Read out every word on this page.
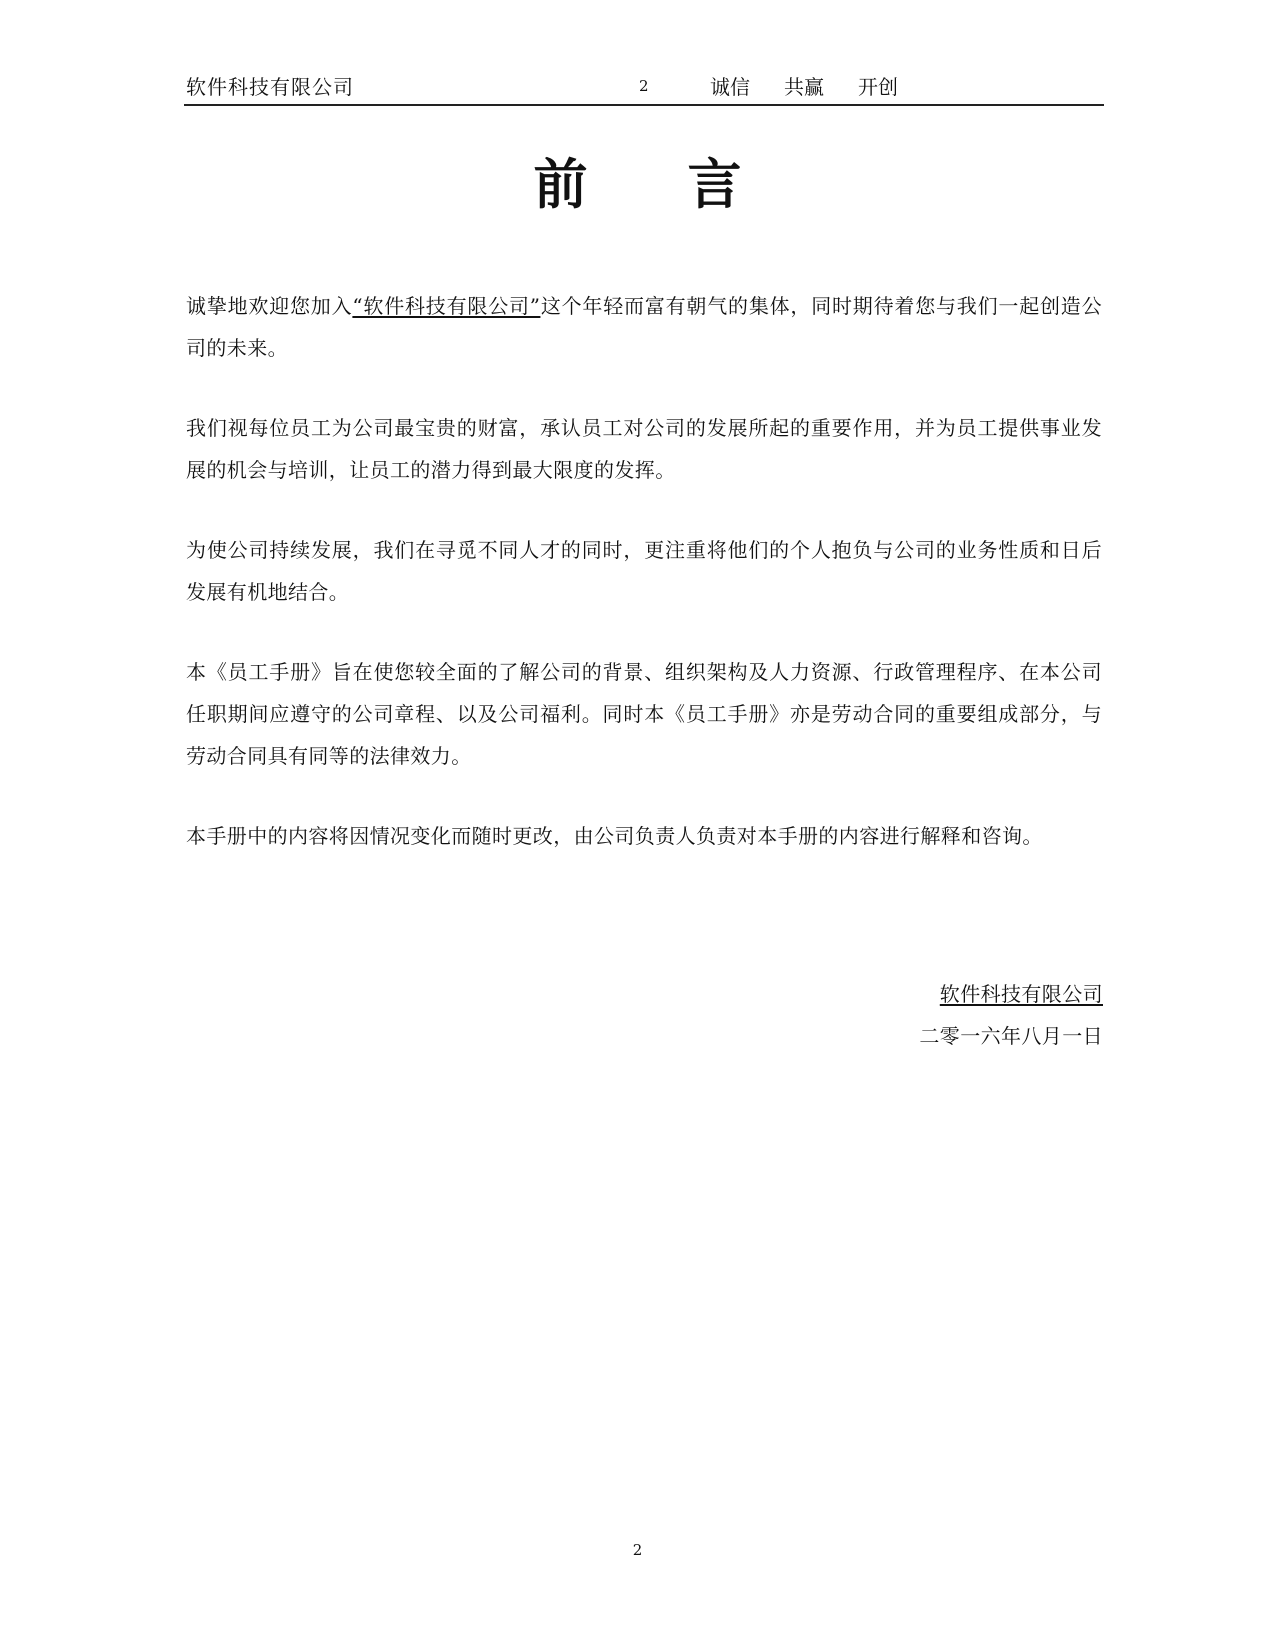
软件科技有限公司	2	诚信 共赢 开创
前 言

诚挚地欢迎您加入“软件科技有限公司”这个年轻而富有朝气的集体，同时期待着您与我们一起创造公司的未来。

我们视每位员工为公司最宝贵的财富，承认员工对公司的发展所起的重要作用，并为员工提供事业发展的机会与培训，让员工的潜力得到最大限度的发挥。

为使公司持续发展，我们在寻觅不同人才的同时，更注重将他们的个人抱负与公司的业务性质和日后发展有机地结合。

本《员工手册》旨在使您较全面的了解公司的背景、组织架构及人力资源、行政管理程序、在本公司任职期间应遵守的公司章程、以及公司福利。同时本《员工手册》亦是劳动合同的重要组成部分，与劳动合同具有同等的法律效力。

本手册中的内容将因情况变化而随时更改，由公司负责人负责对本手册的内容进行解释和咨询。

软件科技有限公司
二零一六年八月一日
2
